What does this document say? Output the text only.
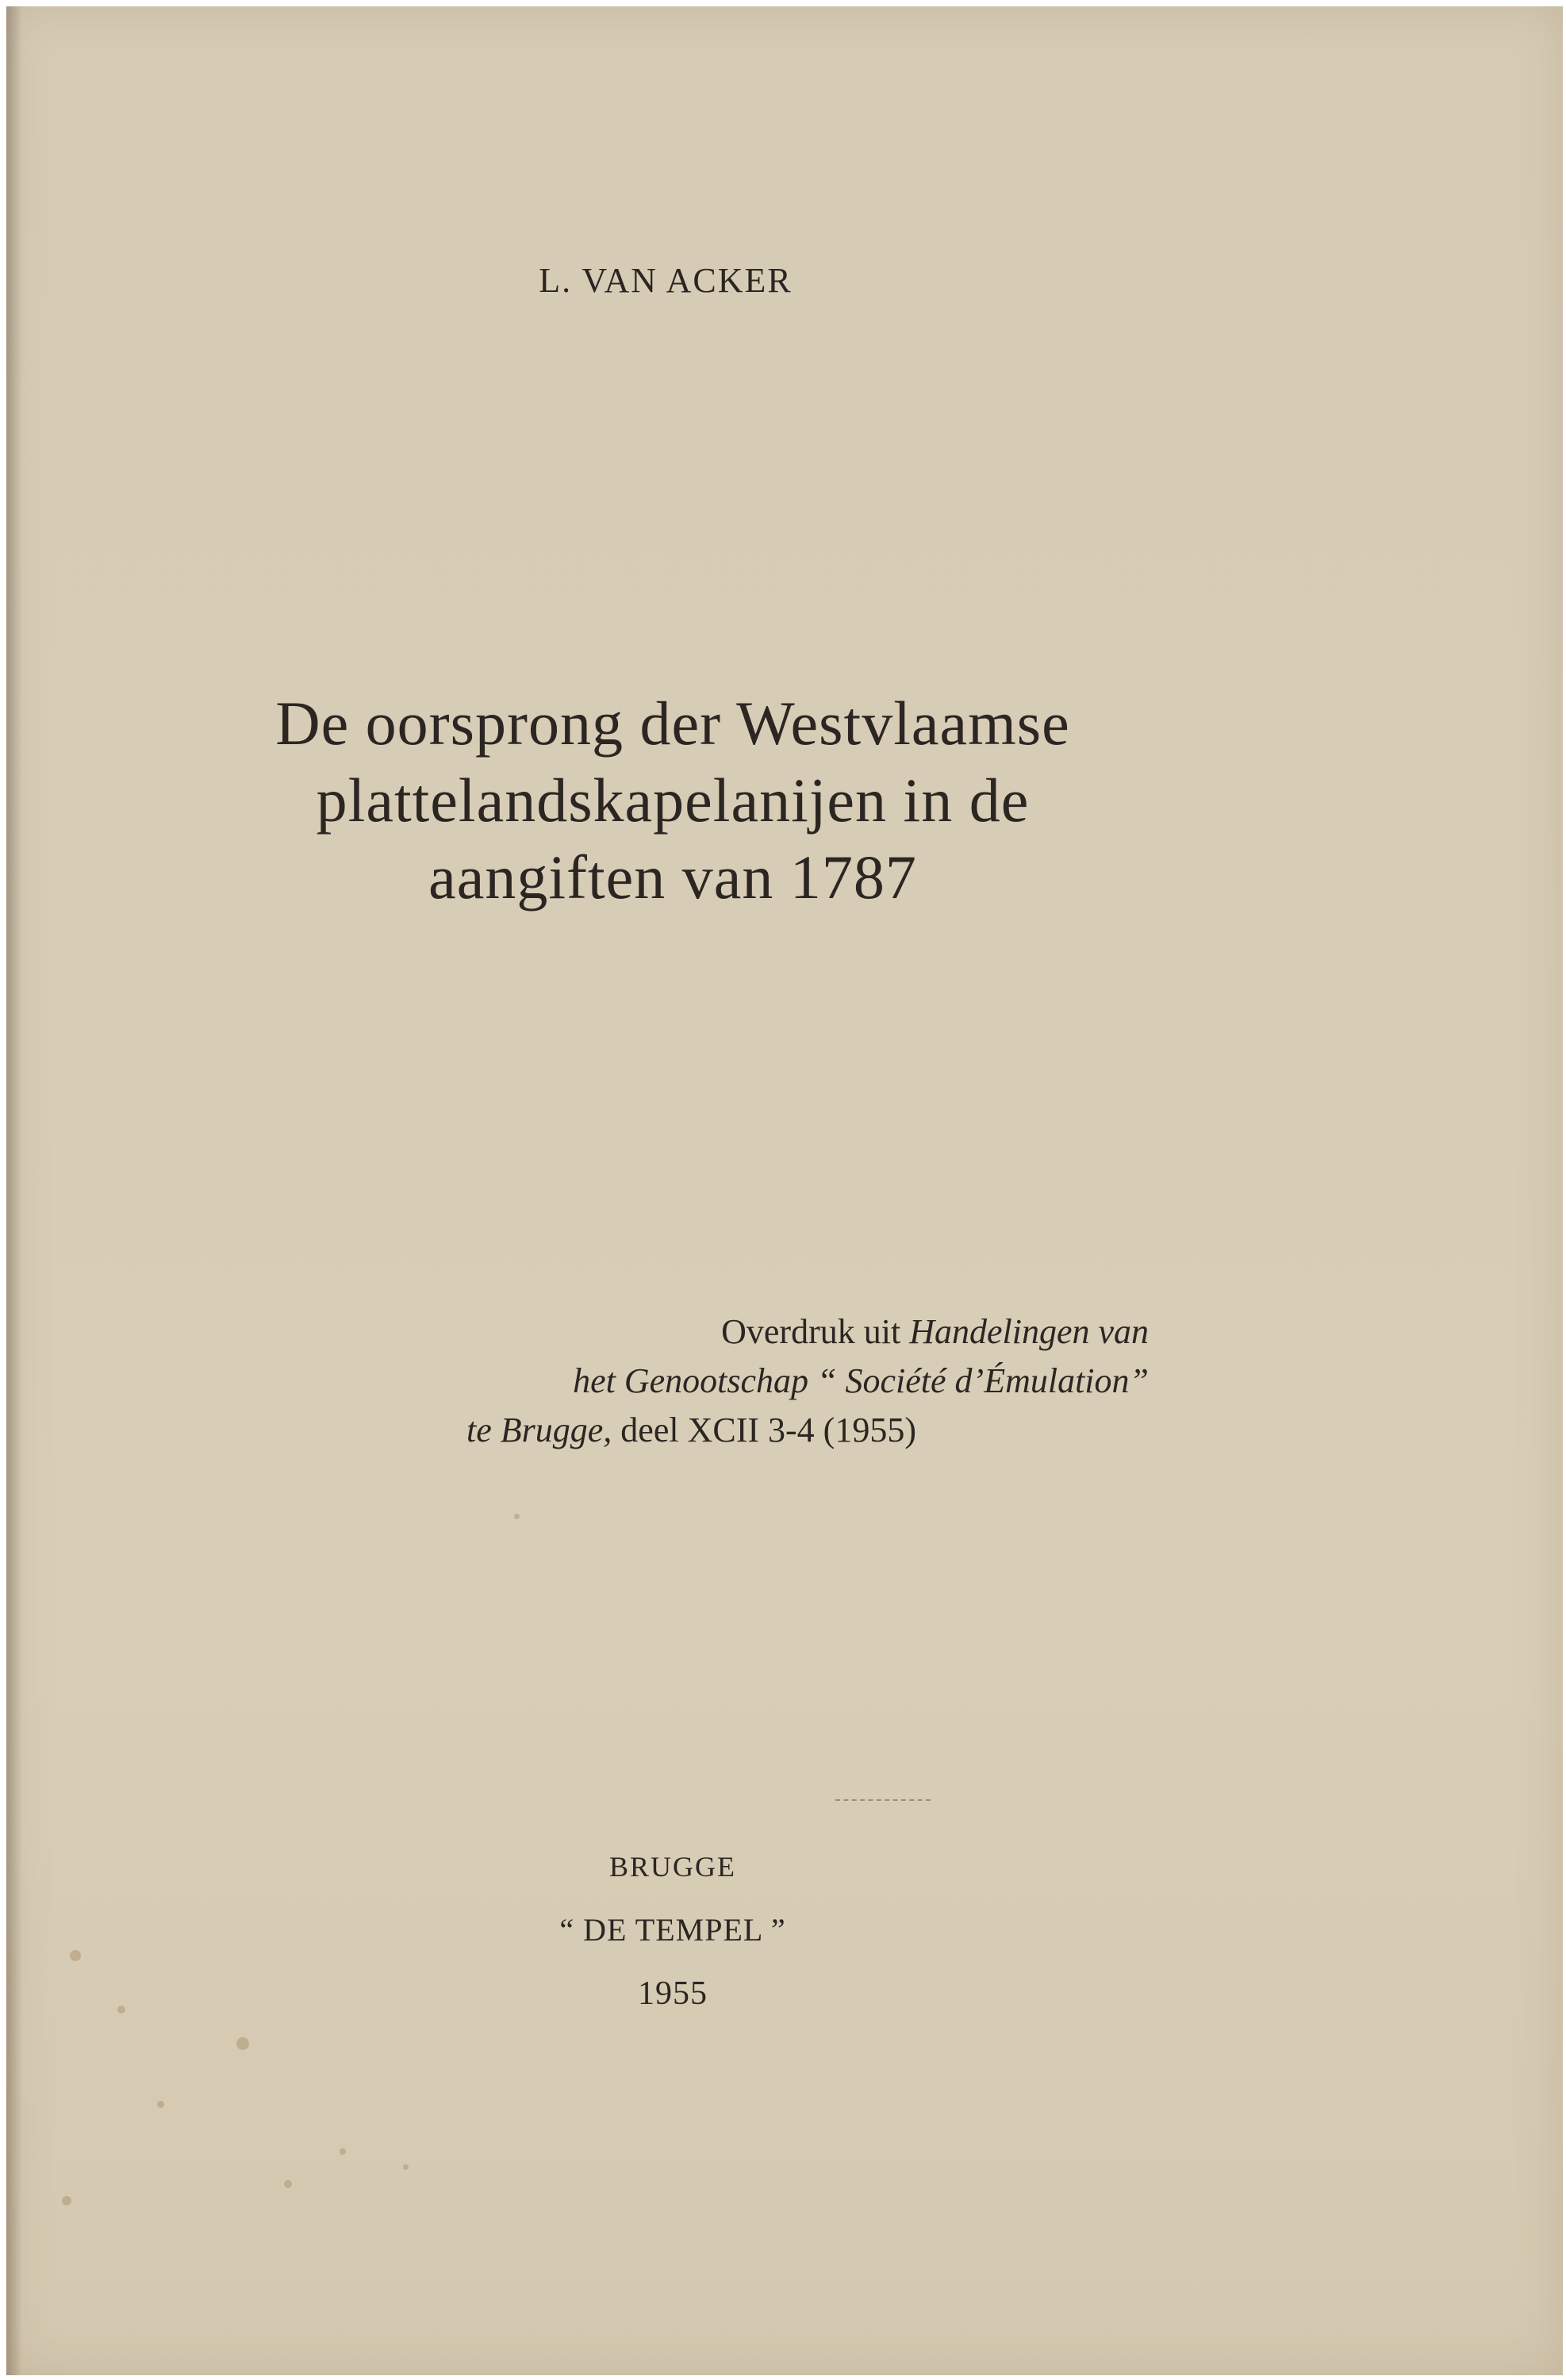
L. VAN ACKER
De oorsprong der Westvlaamse
plattelandskapelanijen in de
aangiften van 1787
Overdruk uit Handelingen van
het Genootschap “ Société d’Émulation”
te Brugge, deel XCII 3-4 (1955)
BRUGGE
“ DE TEMPEL ”
1955
